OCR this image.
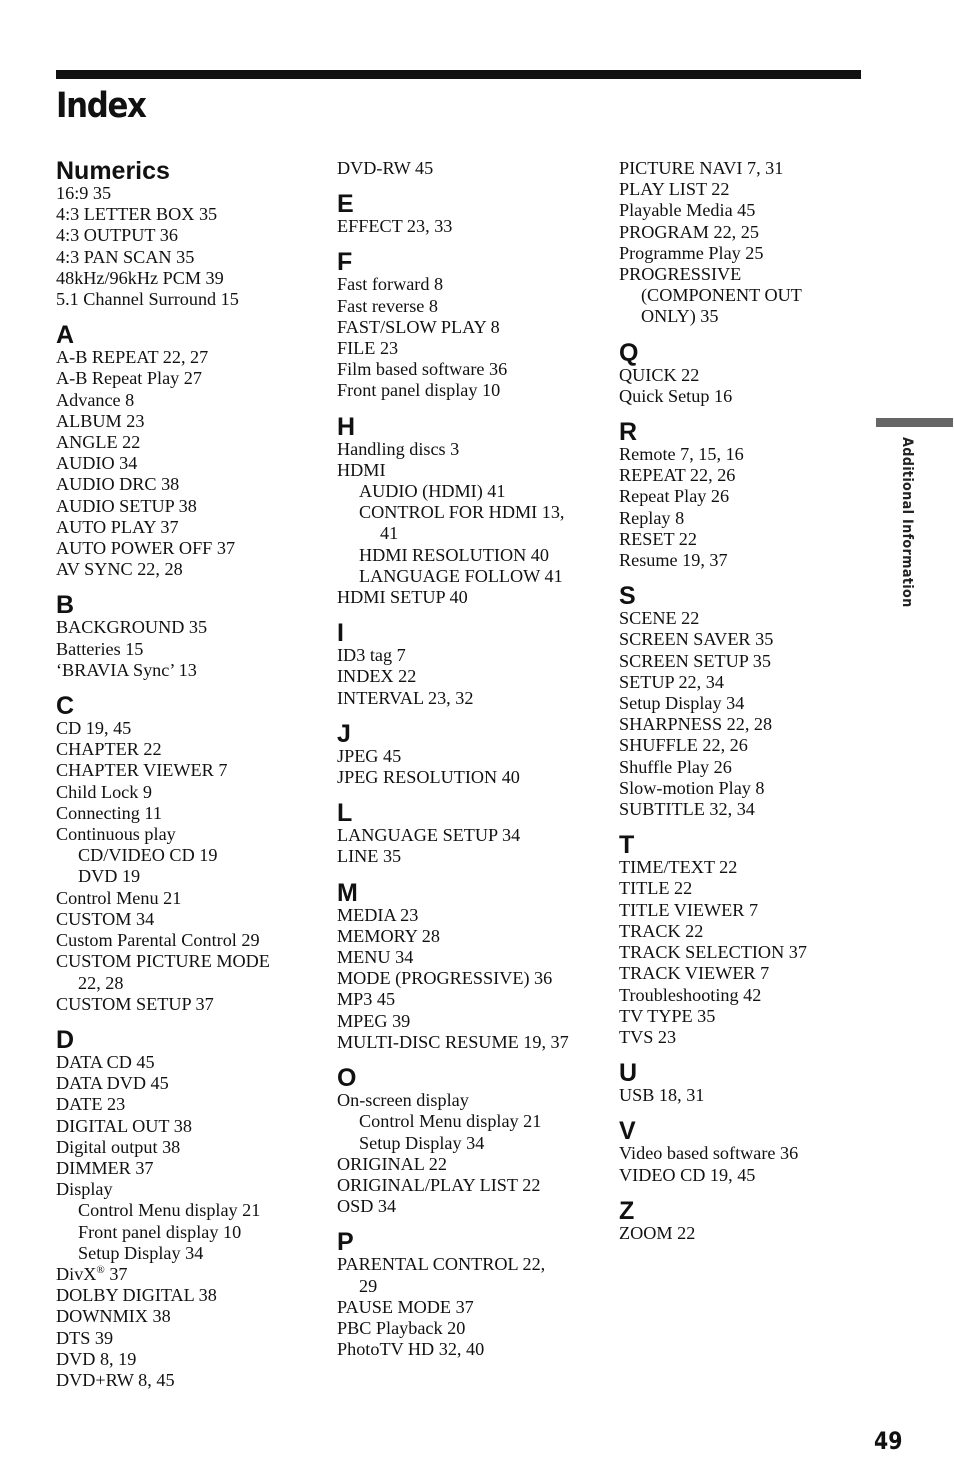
Index
Numerics
16:9 35
4:3 LETTER BOX 35
4:3 OUTPUT 36
4:3 PAN SCAN 35
48kHz/96kHz PCM 39
5.1 Channel Surround 15
A
A-B REPEAT 22, 27
A-B Repeat Play 27
Advance 8
ALBUM 23
ANGLE 22
AUDIO 34
AUDIO DRC 38
AUDIO SETUP 38
AUTO PLAY 37
AUTO POWER OFF 37
AV SYNC 22, 28
B
BACKGROUND 35
Batteries 15
‘BRAVIA Sync’ 13
C
CD 19, 45
CHAPTER 22
CHAPTER VIEWER 7
Child Lock 9
Connecting 11
Continuous play
CD/VIDEO CD 19
DVD 19
Control Menu 21
CUSTOM 34
Custom Parental Control 29
CUSTOM PICTURE MODE
22, 28
CUSTOM SETUP 37
D
DATA CD 45
DATA DVD 45
DATE 23
DIGITAL OUT 38
Digital output 38
DIMMER 37
Display
Control Menu display 21
Front panel display 10
Setup Display 34
DivX® 37
DOLBY DIGITAL 38
DOWNMIX 38
DTS 39
DVD 8, 19
DVD+RW 8, 45
DVD-RW 45
E
EFFECT 23, 33
F
Fast forward 8
Fast reverse 8
FAST/SLOW PLAY 8
FILE 23
Film based software 36
Front panel display 10
H
Handling discs 3
HDMI
AUDIO (HDMI) 41
CONTROL FOR HDMI 13,
41
HDMI RESOLUTION 40
LANGUAGE FOLLOW 41
HDMI SETUP 40
I
ID3 tag 7
INDEX 22
INTERVAL 23, 32
J
JPEG 45
JPEG RESOLUTION 40
L
LANGUAGE SETUP 34
LINE 35
M
MEDIA 23
MEMORY 28
MENU 34
MODE (PROGRESSIVE) 36
MP3 45
MPEG 39
MULTI-DISC RESUME 19, 37
O
On-screen display
Control Menu display 21
Setup Display 34
ORIGINAL 22
ORIGINAL/PLAY LIST 22
OSD 34
P
PARENTAL CONTROL 22,
29
PAUSE MODE 37
PBC Playback 20
PhotoTV HD 32, 40
PICTURE NAVI 7, 31
PLAY LIST 22
Playable Media 45
PROGRAM 22, 25
Programme Play 25
PROGRESSIVE
(COMPONENT OUT
ONLY) 35
Q
QUICK 22
Quick Setup 16
R
Remote 7, 15, 16
REPEAT 22, 26
Repeat Play 26
Replay 8
RESET 22
Resume 19, 37
S
SCENE 22
SCREEN SAVER 35
SCREEN SETUP 35
SETUP 22, 34
Setup Display 34
SHARPNESS 22, 28
SHUFFLE 22, 26
Shuffle Play 26
Slow-motion Play 8
SUBTITLE 32, 34
T
TIME/TEXT 22
TITLE 22
TITLE VIEWER 7
TRACK 22
TRACK SELECTION 37
TRACK VIEWER 7
Troubleshooting 42
TV TYPE 35
TVS 23
U
USB 18, 31
V
Video based software 36
VIDEO CD 19, 45
Z
ZOOM 22
Additional Information
49
